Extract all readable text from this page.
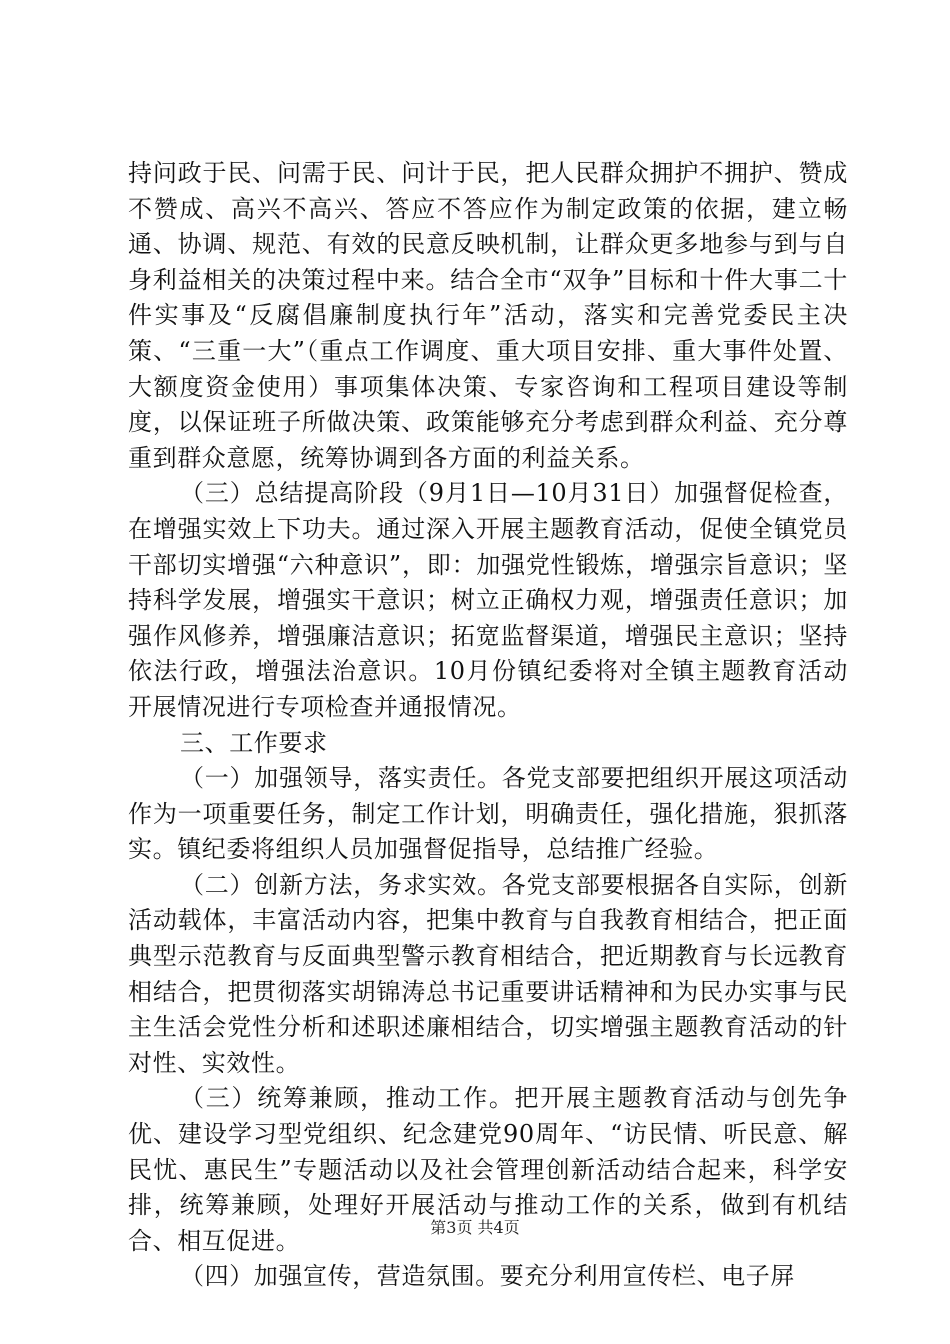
持问政于民、问需于民、问计于民，把人民群众拥护不拥护、赞成不赞成、高兴不高兴、答应不答应作为制定政策的依据，建立畅通、协调、规范、有效的民意反映机制，让群众更多地参与到与自身利益相关的决策过程中来。结合全市“双争”目标和十件大事二十件实事及“反腐倡廉制度执行年”活动，落实和完善党委民主决策、“三重一大”（重点工作调度、重大项目安排、重大事件处置、大额度资金使用）事项集体决策、专家咨询和工程项目建设等制度，以保证班子所做决策、政策能够充分考虑到群众利益、充分尊重到群众意愿，统筹协调到各方面的利益关系。

（三）总结提高阶段（9月1日—10月31日）加强督促检查，在增强实效上下功夫。通过深入开展主题教育活动，促使全镇党员干部切实增强“六种意识”，即：加强党性锻炼，增强宗旨意识；坚持科学发展，增强实干意识；树立正确权力观，增强责任意识；加强作风修养，增强廉洁意识；拓宽监督渠道，增强民主意识；坚持依法行政，增强法治意识。10月份镇纪委将对全镇主题教育活动开展情况进行专项检查并通报情况。

三、工作要求

（一）加强领导，落实责任。各党支部要把组织开展这项活动作为一项重要任务，制定工作计划，明确责任，强化措施，狠抓落实。镇纪委将组织人员加强督促指导，总结推广经验。

（二）创新方法，务求实效。各党支部要根据各自实际，创新活动载体，丰富活动内容，把集中教育与自我教育相结合，把正面典型示范教育与反面典型警示教育相结合，把近期教育与长远教育相结合，把贯彻落实胡锦涛总书记重要讲话精神和为民办实事与民主生活会党性分析和述职述廉相结合，切实增强主题教育活动的针对性、实效性。

（三）统筹兼顾，推动工作。把开展主题教育活动与创先争优、建设学习型党组织、纪念建党90周年、“访民情、听民意、解民忧、惠民生”专题活动以及社会管理创新活动结合起来，科学安排，统筹兼顾，处理好开展活动与推动工作的关系，做到有机结合、相互促进。

（四）加强宣传，营造氛围。要充分利用宣传栏、电子屏

第3页 共4页
